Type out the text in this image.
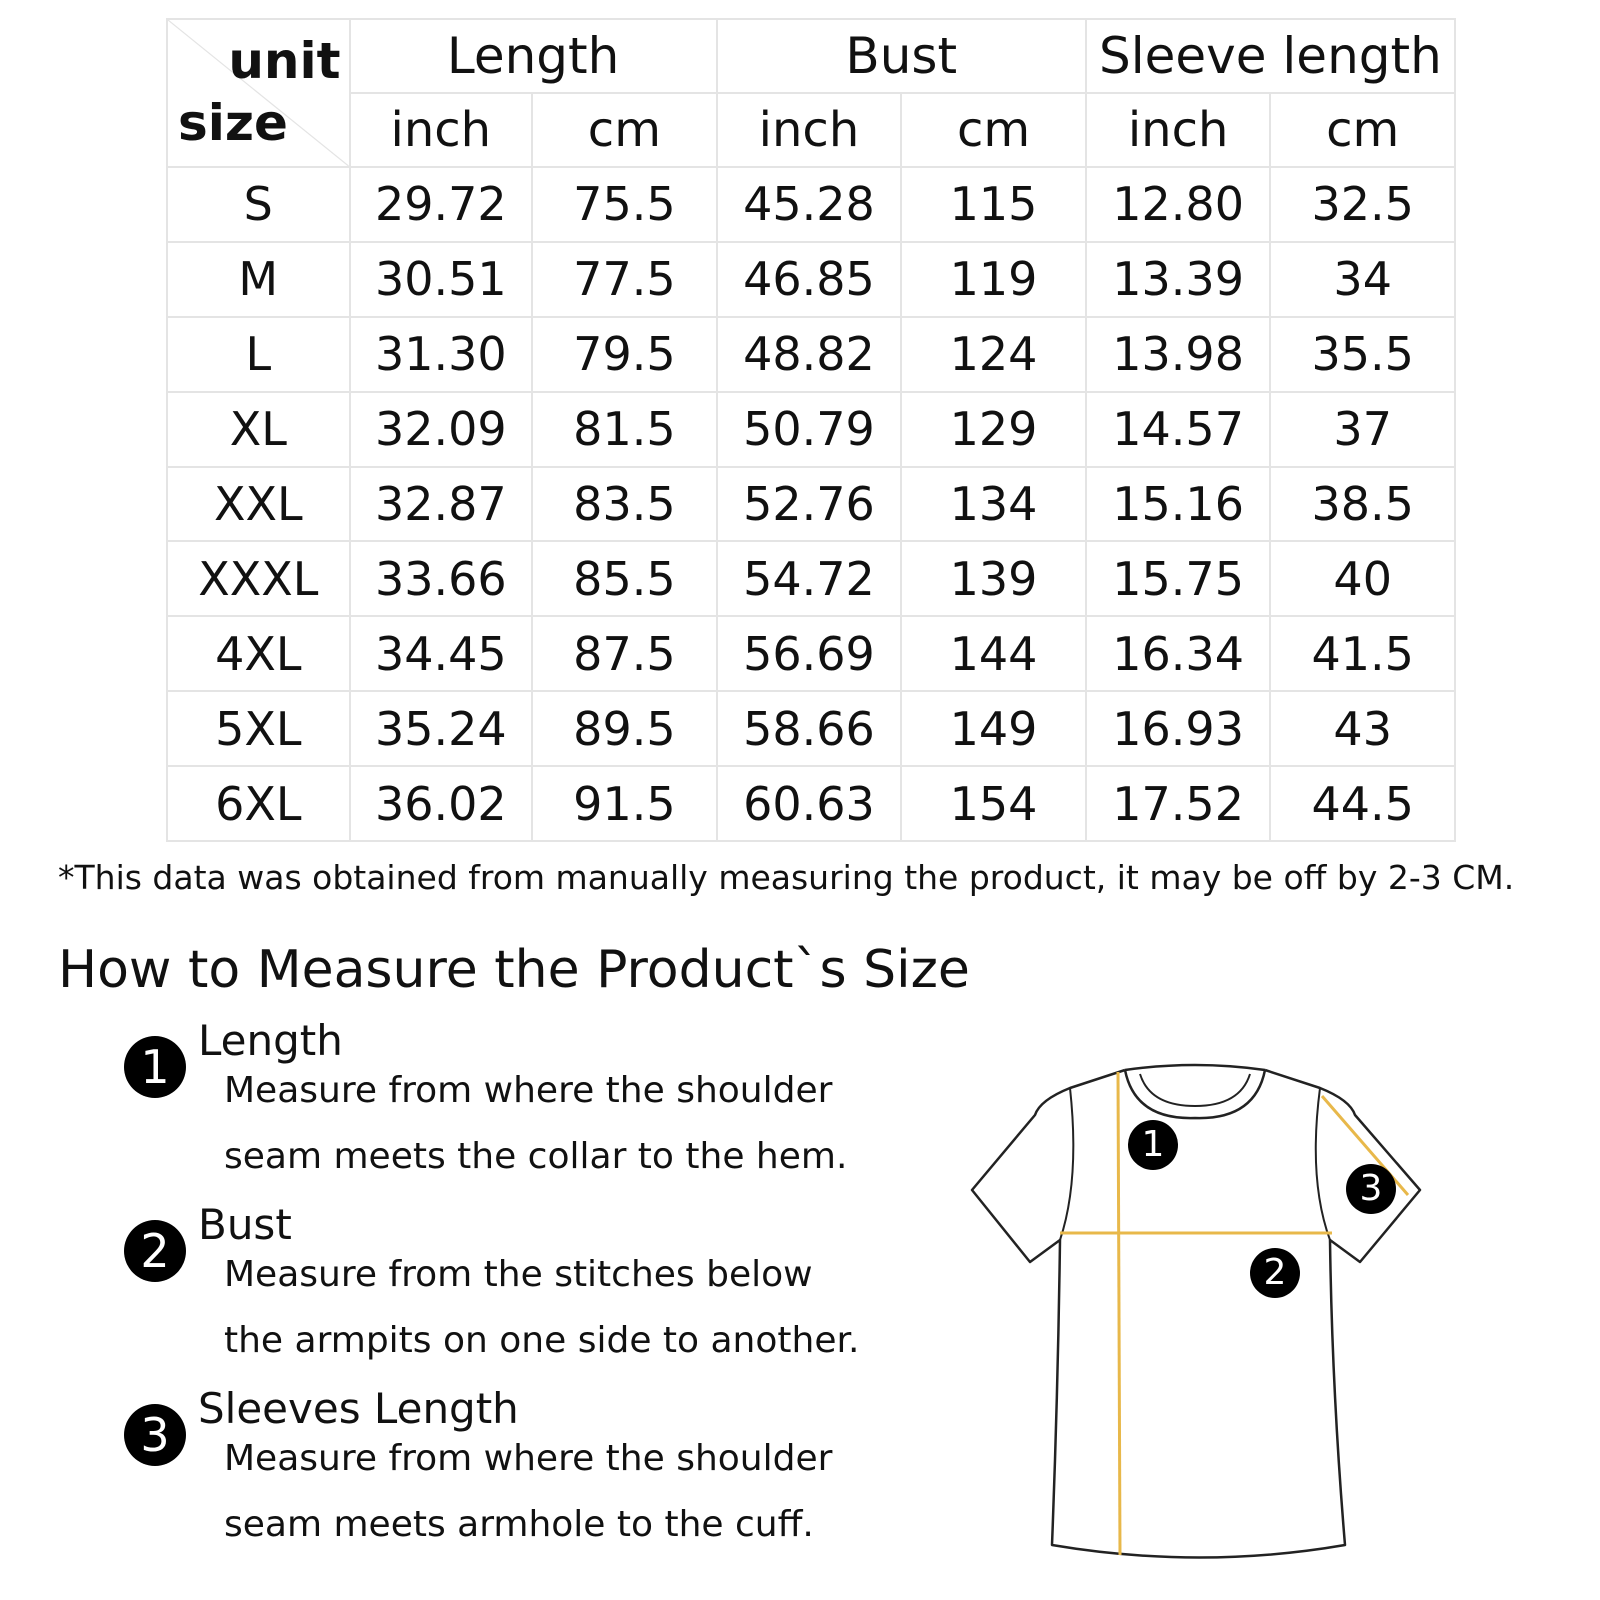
unit
size	Length		Bust		Sleeve length	
	inch	cm	inch	cm	inch	cm
S	29.72	75.5	45.28	115	12.80	32.5
M	30.51	77.5	46.85	119	13.39	34
L	31.30	79.5	48.82	124	13.98	35.5
XL	32.09	81.5	50.79	129	14.57	37
XXL	32.87	83.5	52.76	134	15.16	38.5
XXXL	33.66	85.5	54.72	139	15.75	40
4XL	34.45	87.5	56.69	144	16.34	41.5
5XL	35.24	89.5	58.66	149	16.93	43
6XL	36.02	91.5	60.63	154	17.52	44.5
*This data was obtained from manually measuring the product, it may be off by 2-3 CM.
How to Measure the Product`s Size
1 Length
Measure from where the shoulder
seam meets the collar to the hem.
2 Bust
Measure from the stitches below
the armpits on one side to another.
3 Sleeves Length
Measure from where the shoulder
seam meets armhole to the cuff.
1
2
3
